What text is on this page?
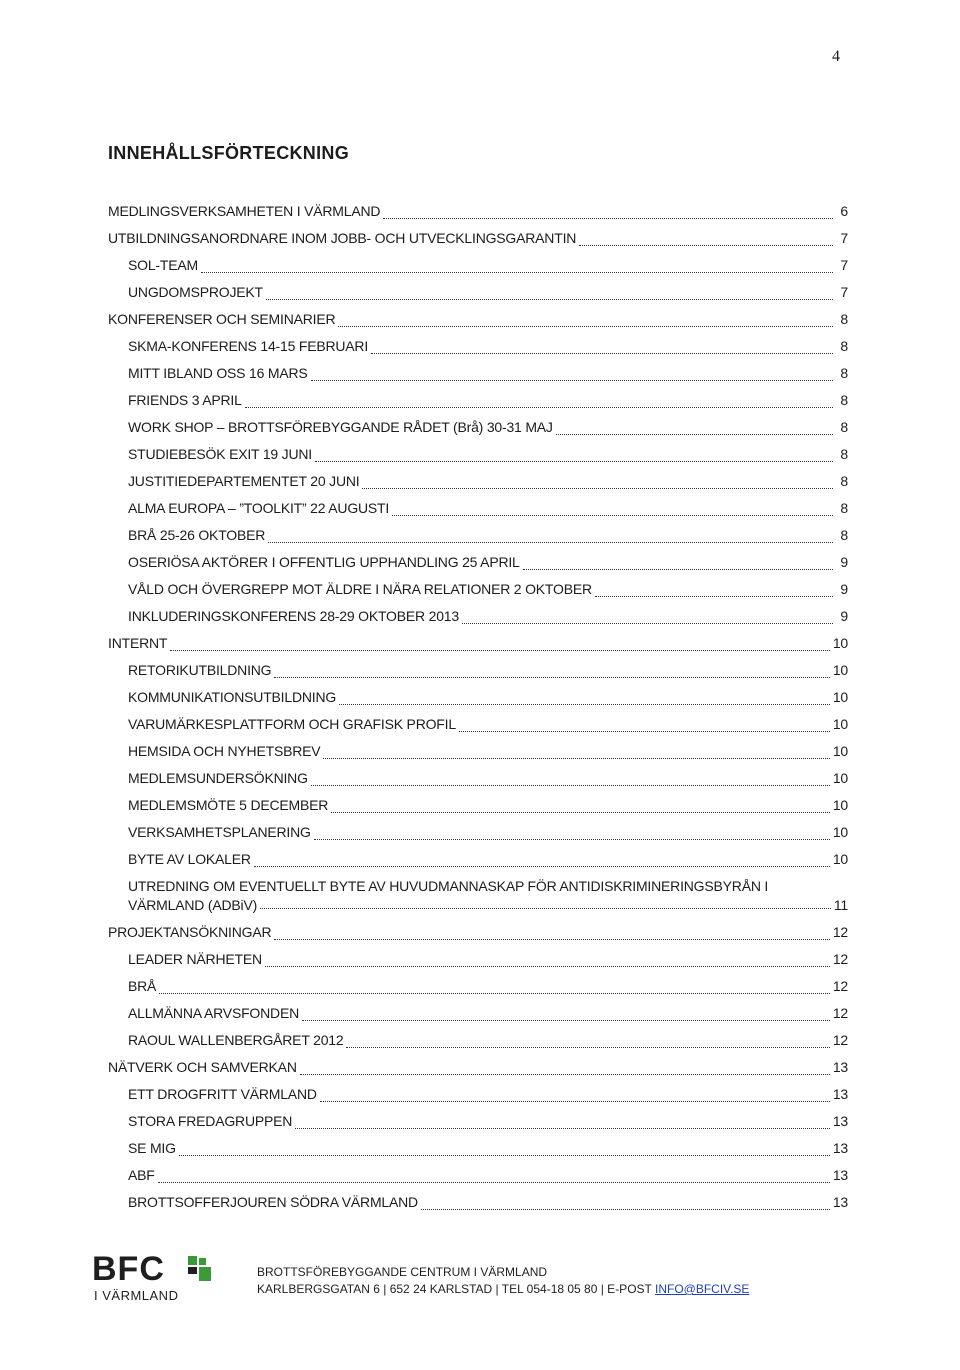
4
INNEHÅLLSFÖRTECKNING
MEDLINGSVERKSAMHETEN I VÄRMLAND	6
UTBILDNINGSANORDNARE INOM JOBB- OCH UTVECKLINGSGARANTIN	7
SOL-TEAM	7
UNGDOMSPROJEKT	7
KONFERENSER OCH SEMINARIER	8
SKMA-KONFERENS 14-15 FEBRUARI	8
MITT IBLAND OSS 16 MARS	8
FRIENDS 3 APRIL	8
WORK SHOP – BROTTSFÖREBYGGANDE RÅDET (Brå) 30-31 MAJ	8
STUDIEBESÖK EXIT 19 JUNI	8
JUSTITIEDEPARTEMENTET 20 JUNI	8
ALMA EUROPA – ”TOOLKIT” 22 AUGUSTI	8
BRÅ 25-26 OKTOBER	8
OSERIÖSA AKTÖRER I OFFENTLIG UPPHANDLING 25 APRIL	9
VÅLD OCH ÖVERGREPP MOT ÄLDRE I NÄRA RELATIONER 2 OKTOBER	9
INKLUDERINGSKONFERENS 28-29 OKTOBER 2013	9
INTERNT	10
RETORIKUTBILDNING	10
KOMMUNIKATIONSUTBILDNING	10
VARUMÄRKESPLATTFORM OCH GRAFISK PROFIL	10
HEMSIDA OCH NYHETSBREV	10
MEDLEMSUNDERSÖKNING	10
MEDLEMSMÖTE 5 DECEMBER	10
VERKSAMHETSPLANERING	10
BYTE AV LOKALER	10
UTREDNING OM EVENTUELLT BYTE AV HUVUDMANNASKAP FÖR ANTIDISKRIMINERINGSBYRÅN I
VÄRMLAND (ADBiV)	11
PROJEKTANSÖKNINGAR	12
LEADER NÄRHETEN	12
BRÅ	12
ALLMÄNNA ARVSFONDEN	12
RAOUL WALLENBERGÅRET 2012	12
NÄTVERK OCH SAMVERKAN	13
ETT DROGFRITT VÄRMLAND	13
STORA FREDAGRUPPEN	13
SE MIG	13
ABF	13
BROTTSOFFERJOUREN SÖDRA VÄRMLAND	13
BFC
I VÄRMLAND
BROTTSFÖREBYGGANDE CENTRUM I VÄRMLAND
KARLBERGSGATAN 6 | 652 24 KARLSTAD | TEL 054-18 05 80 | E-POST INFO@BFCIV.SE
